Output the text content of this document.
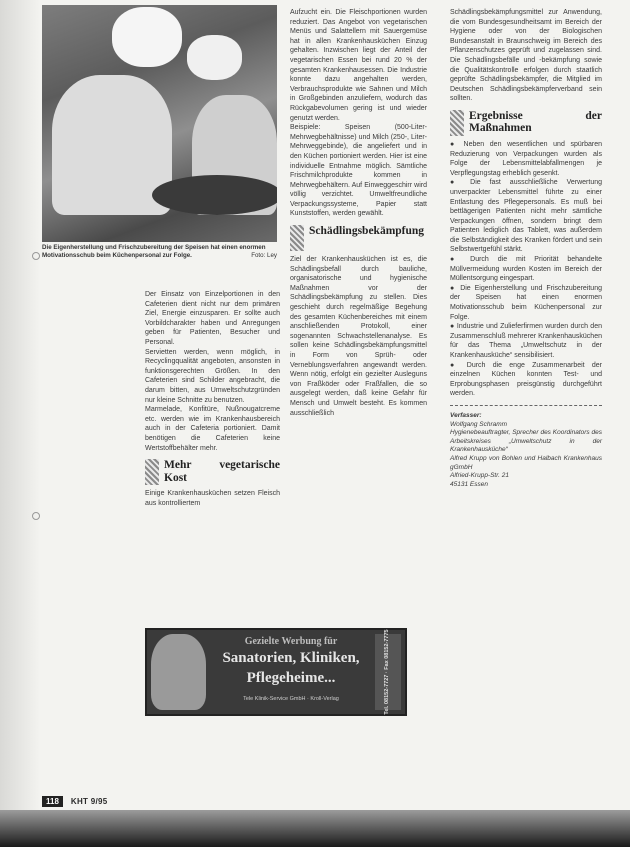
Die Eigenherstellung und Frischzubereitung der Speisen hat einen enormen Motivationsschub beim Küchenpersonal zur Folge.	Foto: Ley

Der Einsatz von Einzelportionen in den Cafeterien dient nicht nur dem primären Ziel, Energie einzusparen. Er sollte auch Vorbildcharakter haben und Anregungen geben für Patienten, Besucher und Personal.

Servietten werden, wenn möglich, in Recyclingqualität angeboten, ansonsten in funktionsgerechten Größen. In den Cafeterien sind Schilder angebracht, die darum bitten, aus Umweltschutzgründen nur kleine Schnitte zu benutzen.

Marmelade, Konfitüre, Nußnougatcreme etc. werden wie im Krankenhausbereich auch in der Cafeteria portioniert. Damit benötigen die Cafeterien keine Wertstoffbehälter mehr.

Mehr vegetarische Kost

Einige Krankenhausküchen setzen Fleisch aus kontrolliertem

Aufzucht ein. Die Fleischportionen wurden reduziert. Das Angebot von vegetarischen Menüs und Salattellern mit Sauergemüse hat in allen Krankenhausküchen Einzug gehalten. Inzwischen liegt der Anteil der vegetarischen Essen bei rund 20 % der gesamten Krankenhausessen. Die Industrie konnte dazu angehalten werden, Verbrauchsprodukte wie Sahnen und Milch in Großgebinden anzuliefern, wodurch das Rückgabevolumen gering ist und wieder genutzt werden.

Beispiele: Speisen (500-Liter-Mehrwegbehältnisse) und Milch (250-, Liter-Mehrweggebinde), die angeliefert und in den Küchen portioniert werden. Hier ist eine individuelle Entnahme möglich. Sämtliche Frischmilchprodukte kommen in Mehrwegbehältern. Auf Einweggeschirr wird völlig verzichtet. Umweltfreundliche Verpackungssysteme, Papier statt Kunststoffen, werden gewählt.

Schädlingsbekämpfung

Ziel der Krankenhausküchen ist es, die Schädlingsbefall durch bauliche, organisatorische und hygienische Maßnahmen vor der Schädlingsbekämpfung zu stellen. Dies geschieht durch regelmäßige Begehung des gesamten Küchenbereiches mit einem anschließenden Protokoll, einer sogenannten Schwachstellenanalyse. Es sollen keine Schädlingsbekämpfungsmittel in Form von Sprüh- oder Verneblungsverfahren angewandt werden. Wenn nötig, erfolgt ein gezielter Ausleguns von Fraßköder oder Fraßfallen, die so ausgelegt werden, daß keine Gefahr für Mensch und Umwelt besteht. Es kommen ausschließlich

Schädlingsbekämpfungsmittel zur Anwendung, die vom Bundesgesundheitsamt im Bereich der Hygiene oder von der Biologischen Bundesanstalt in Braunschweig im Bereich des Pflanzenschutzes geprüft und zugelassen sind. Die Schädlingsbefälle und -bekämpfung sowie die Qualitätskontrolle erfolgen durch staatlich geprüfte Schädlingsbekämpfer, die Mitglied im Deutschen Schädlingsbekämpferverband sein sollten.

Ergebnisse der Maßnahmen

● Neben den wesentlichen und spürbaren Reduzierung von Verpackungen wurden als Folge der Lebensmittelabfallmengen je Verpflegungstag erheblich gesenkt.

● Die fast ausschließliche Verwertung unverpackter Lebensmittel führte zu einer Entlastung des Pflegepersonals. Es muß bei bettlägerigen Patienten nicht mehr sämtliche Verpackungen öffnen, sondern bringt dem Patienten lediglich das Tablett, was außerdem die Selbständigkeit des Kranken fördert und sein Selbstwertgefühl stärkt.

● Durch die mit Priorität behandelte Müllvermeidung wurden Kosten im Bereich der Müllentsorgung eingespart.

● Die Eigenherstellung und Frischzubereitung der Speisen hat einen enormen Motivationsschub beim Küchenpersonal zur Folge.

● Industrie und Zulieferfirmen wurden durch den Zusammenschluß mehrerer Krankenhausküchen für das Thema „Umweltschutz in der Krankenhausküche“ sensibilisiert.

● Durch die enge Zusammenarbeit der einzelnen Küchen konnten Test- und Erprobungsphasen preisgünstig durchgeführt werden.

Verfasser:
Wolfgang Schramm
Hygienebeauftragter, Sprecher des Koordinators des Arbeitskreises „Umweltschutz in der Krankenhausküche“
Alfred Krupp von Bohlen und Halbach Krankenhaus gGmbH
Alfried-Krupp-Str. 21
45131 Essen
Gezielte Werbung für
Sanatorien, Kliniken,
Pflegeheime...
Tele Klinik-Service GmbH · Kroll-Verlag	Tel. 08152-7727 · Fax 08152-7775
118	KHT 9/95
